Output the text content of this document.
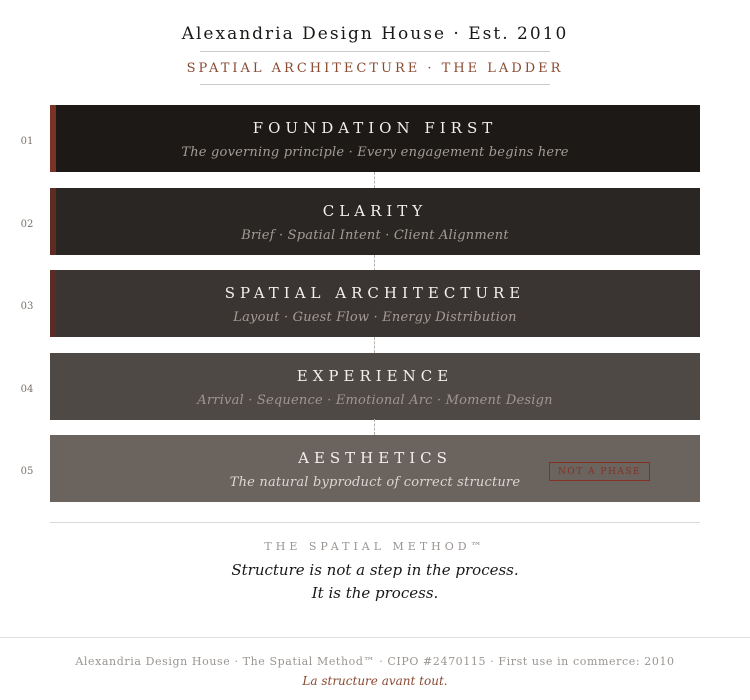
Alexandria Design House · Est. 2010
SPATIAL ARCHITECTURE · THE LADDER
01
FOUNDATION FIRST
The governing principle · Every engagement begins here
02
CLARITY
Brief · Spatial Intent · Client Alignment
03
SPATIAL ARCHITECTURE
Layout · Guest Flow · Energy Distribution
04
EXPERIENCE
Arrival · Sequence · Emotional Arc · Moment Design
05
AESTHETICS
The natural byproduct of correct structure
NOT A PHASE
THE SPATIAL METHOD™
Structure is not a step in the process.
It is the process.
Alexandria Design House · The Spatial Method™ · CIPO #2470115 · First use in commerce: 2010
La structure avant tout.
